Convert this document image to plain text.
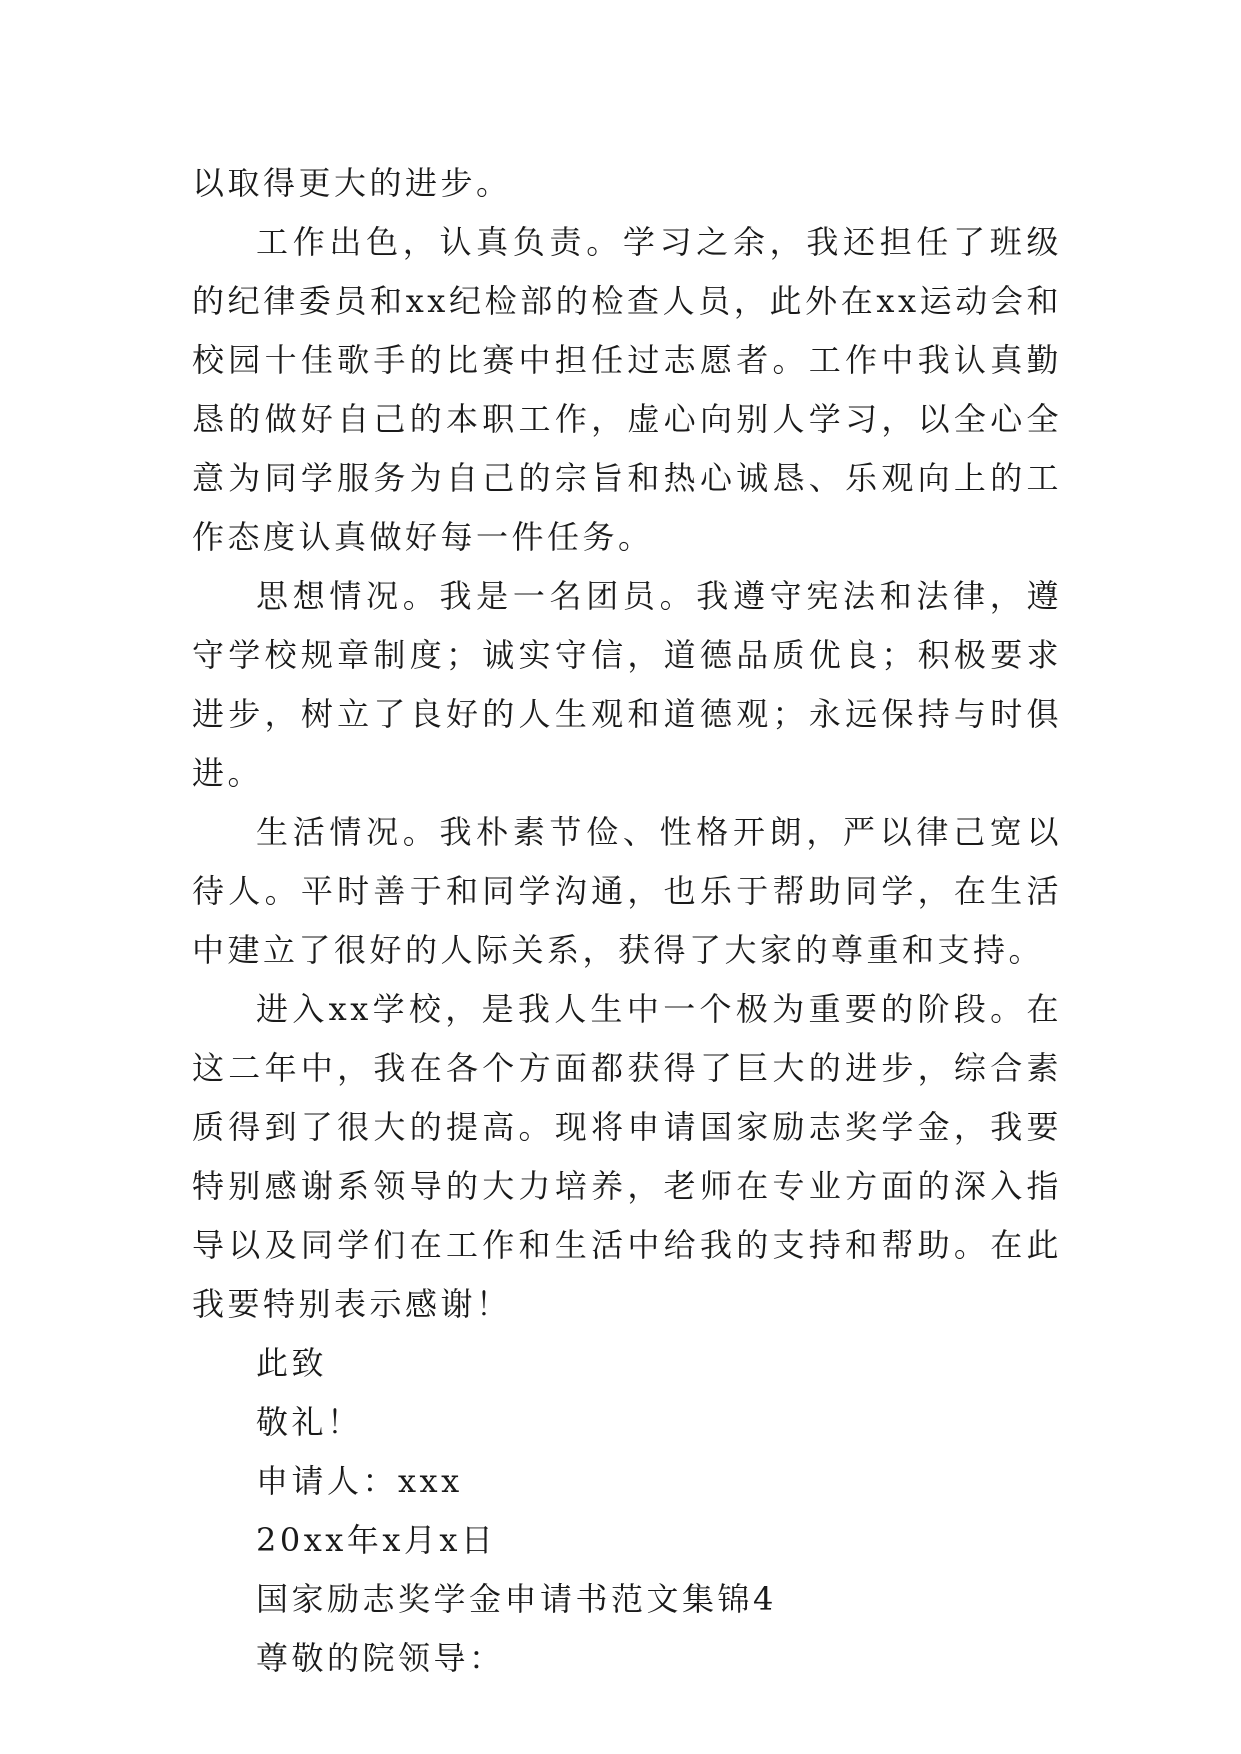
以取得更大的进步。

工作出色，认真负责。学习之余，我还担任了班级的纪律委员和xx纪检部的检查人员，此外在xx运动会和校园十佳歌手的比赛中担任过志愿者。工作中我认真勤恳的做好自己的本职工作，虚心向别人学习，以全心全意为同学服务为自己的宗旨和热心诚恳、乐观向上的工作态度认真做好每一件任务。

思想情况。我是一名团员。我遵守宪法和法律，遵守学校规章制度；诚实守信，道德品质优良；积极要求进步，树立了良好的人生观和道德观；永远保持与时俱进。

生活情况。我朴素节俭、性格开朗，严以律己宽以待人。平时善于和同学沟通，也乐于帮助同学，在生活中建立了很好的人际关系，获得了大家的尊重和支持。

进入xx学校，是我人生中一个极为重要的阶段。在这二年中，我在各个方面都获得了巨大的进步，综合素质得到了很大的提高。现将申请国家励志奖学金，我要特别感谢系领导的大力培养，老师在专业方面的深入指导以及同学们在工作和生活中给我的支持和帮助。在此我要特别表示感谢！

此致

敬礼！

申请人：xxx

20xx年x月x日

国家励志奖学金申请书范文集锦4

尊敬的院领导：
